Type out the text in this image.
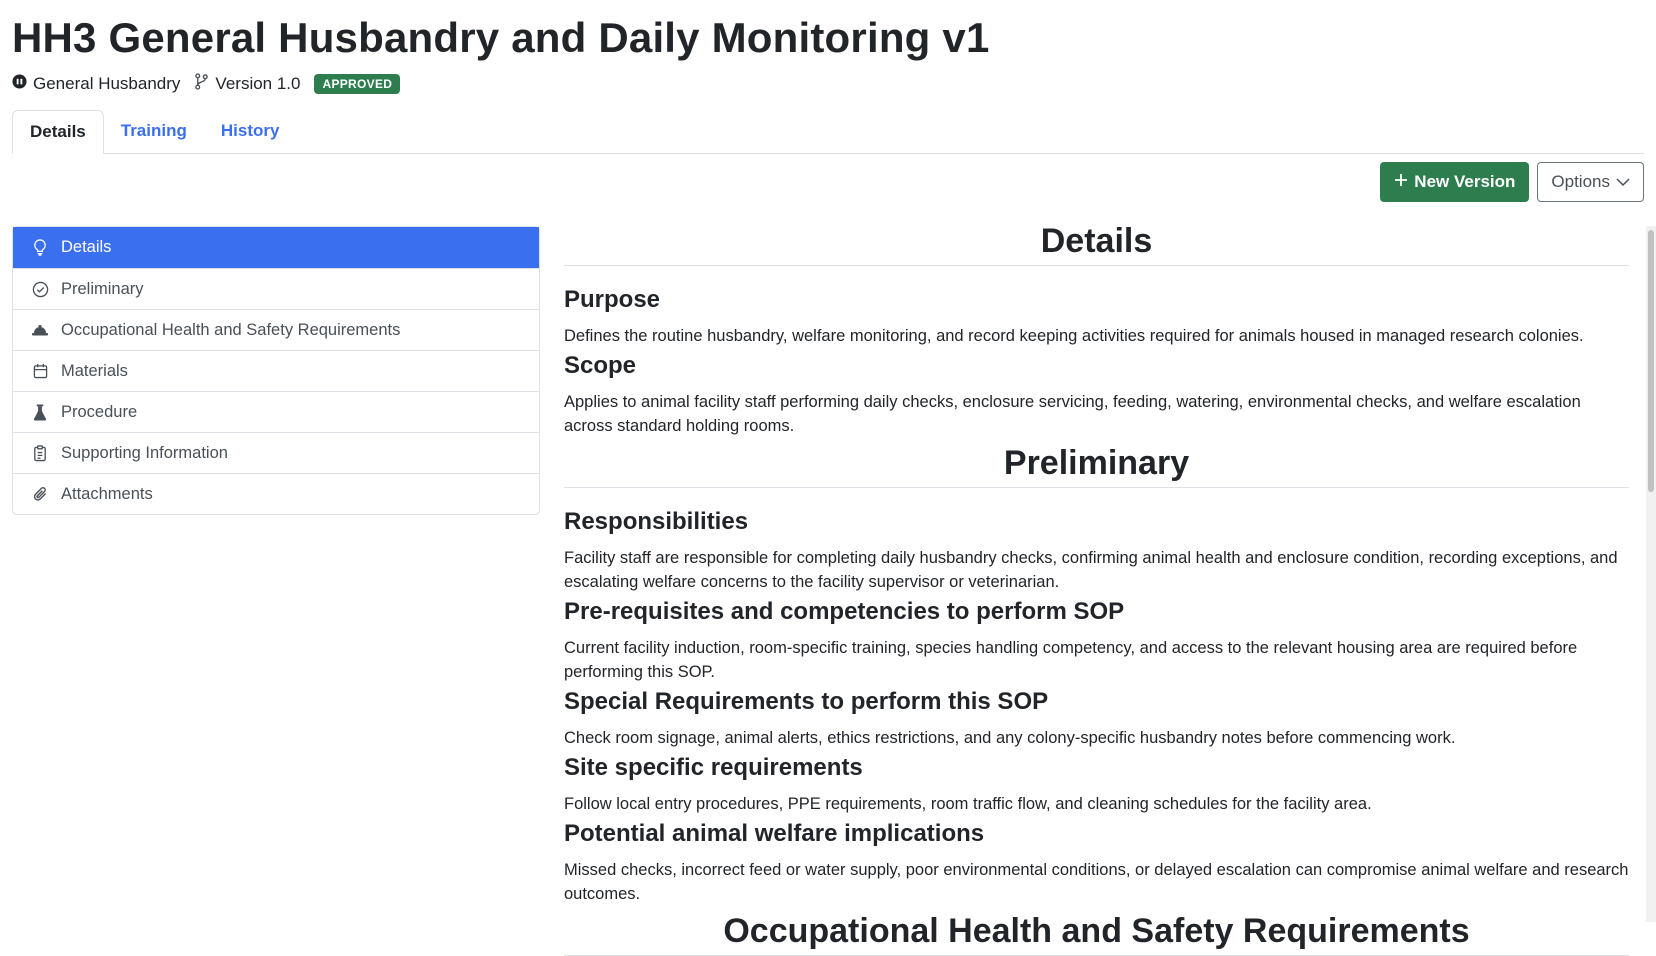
HH3 General Husbandry and Daily Monitoring v1
General Husbandry Version 1.0	APPROVED
Details	Training	History
New Version Options
Details
Preliminary
Occupational Health and Safety Requirements
Materials
Procedure
Supporting Information
Attachments
Details
Purpose

Defines the routine husbandry, welfare monitoring, and record keeping activities required for animals housed in managed research colonies.

Scope

Applies to animal facility staff performing daily checks, enclosure servicing, feeding, watering, environmental checks, and welfare escalation across standard holding rooms.

Preliminary
Responsibilities

Facility staff are responsible for completing daily husbandry checks, confirming animal health and enclosure condition, recording exceptions, and escalating welfare concerns to the facility supervisor or veterinarian.

Pre-requisites and competencies to perform SOP

Current facility induction, room-specific training, species handling competency, and access to the relevant housing area are required before performing this SOP.

Special Requirements to perform this SOP

Check room signage, animal alerts, ethics restrictions, and any colony-specific husbandry notes before commencing work.

Site specific requirements

Follow local entry procedures, PPE requirements, room traffic flow, and cleaning schedules for the facility area.

Potential animal welfare implications

Missed checks, incorrect feed or water supply, poor environmental conditions, or delayed escalation can compromise animal welfare and research outcomes.

Occupational Health and Safety Requirements
